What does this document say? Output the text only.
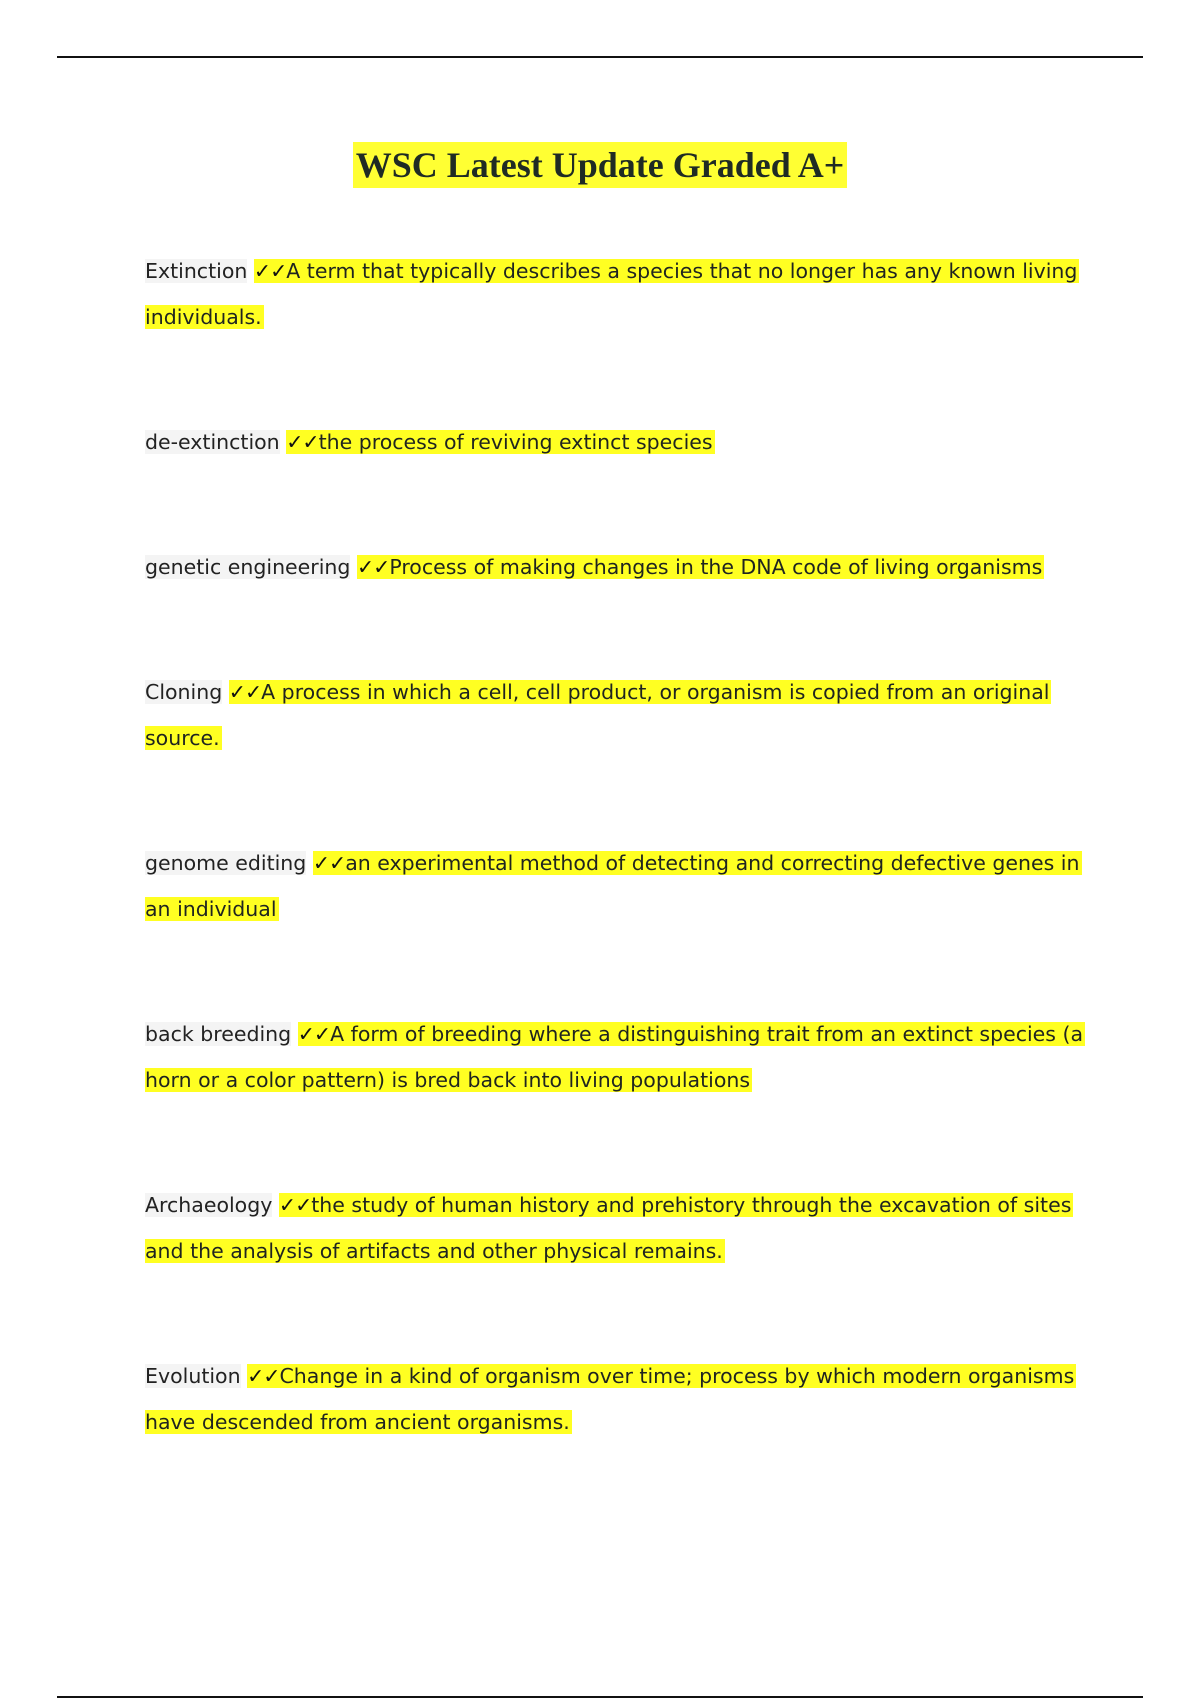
WSC Latest Update Graded A+
Extinction ✓✓A term that typically describes a species that no longer has any known living individuals.
de-extinction ✓✓the process of reviving extinct species
genetic engineering ✓✓Process of making changes in the DNA code of living organisms
Cloning ✓✓A process in which a cell, cell product, or organism is copied from an original source.
genome editing ✓✓an experimental method of detecting and correcting defective genes in an individual
back breeding ✓✓A form of breeding where a distinguishing trait from an extinct species (a horn or a color pattern) is bred back into living populations
Archaeology ✓✓the study of human history and prehistory through the excavation of sites and the analysis of artifacts and other physical remains.
Evolution ✓✓Change in a kind of organism over time; process by which modern organisms have descended from ancient organisms.
